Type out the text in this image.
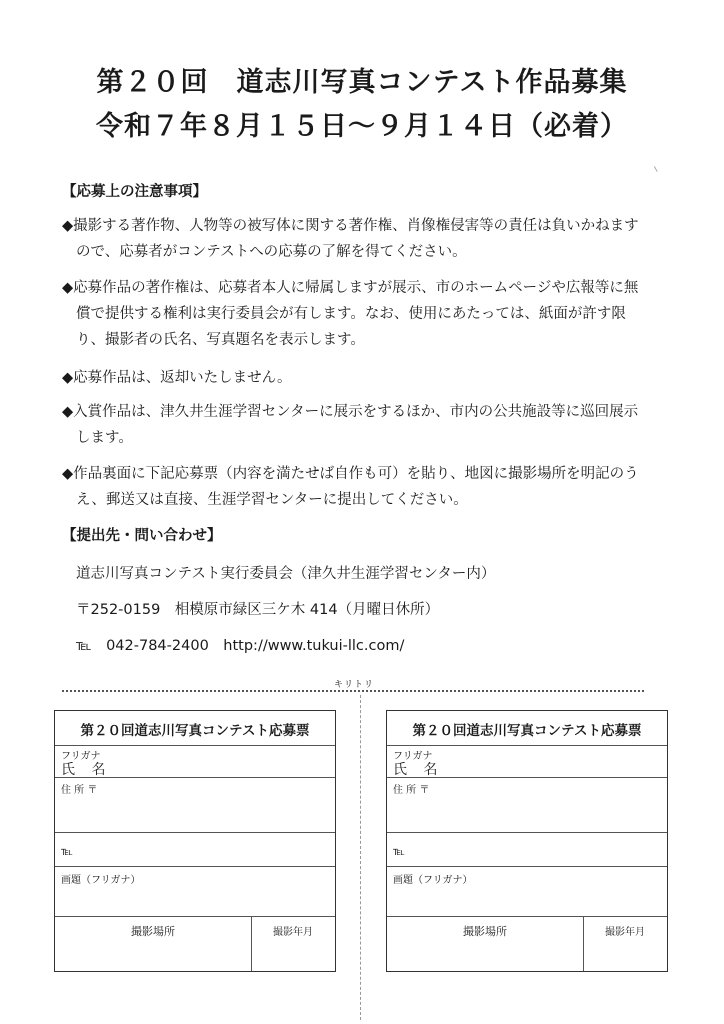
第２０回　道志川写真コンテスト作品募集
令和７年８月１５日～９月１４日（必着）
【応募上の注意事項】
◆撮影する著作物、人物等の被写体に関する著作権、肖像権侵害等の責任は負いかねます
ので、応募者がコンテストへの応募の了解を得てください。
◆応募作品の著作権は、応募者本人に帰属しますが展示、市のホームページや広報等に無
償で提供する権利は実行委員会が有します。なお、使用にあたっては、紙面が許す限
り、撮影者の氏名、写真題名を表示します。
◆応募作品は、返却いたしません。
◆入賞作品は、津久井生涯学習センターに展示をするほか、市内の公共施設等に巡回展示
します。
◆作品裏面に下記応募票（内容を満たせば自作も可）を貼り、地図に撮影場所を明記のう
え、郵送又は直接、生涯学習センターに提出してください。
【提出先・問い合わせ】
道志川写真コンテスト実行委員会（津久井生涯学習センター内）
〒252-0159　相模原市緑区三ケ木 414（月曜日休所）
℡　042-784-2400　http://www.tukui-llc.com/
キリトリ
第２０回道志川写真コンテスト応募票
フリガナ
氏 名
住 所 〒
℡
画題（フリガナ）
撮影場所	撮影年月
第２０回道志川写真コンテスト応募票
フリガナ
氏 名
住 所 〒
℡
画題（フリガナ）
撮影場所	撮影年月
